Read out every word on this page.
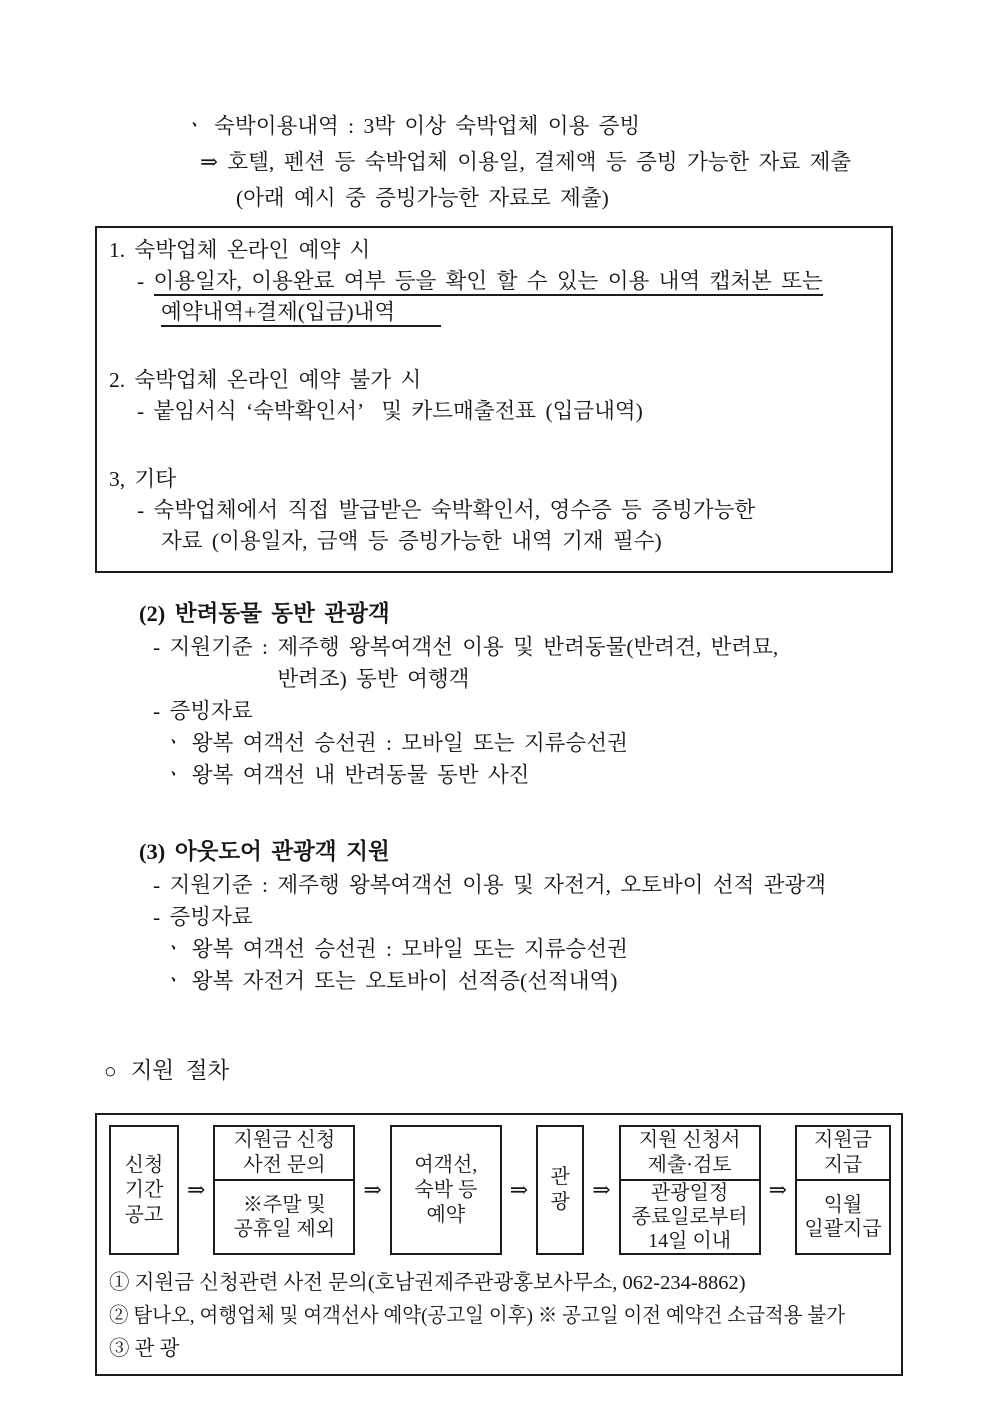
ㆍ 숙박이용내역 : 3박 이상 숙박업체 이용 증빙
⇒ 호텔, 펜션 등 숙박업체 이용일, 결제액 등 증빙 가능한 자료 제출
(아래 예시 중 증빙가능한 자료로 제출)
1. 숙박업체 온라인 예약 시
- 이용일자, 이용완료 여부 등을 확인 할 수 있는 이용 내역 캡처본 또는
예약내역+결제(입금)내역
2. 숙박업체 온라인 예약 불가 시
- 붙임서식 ‘숙박확인서’  및 카드매출전표 (입금내역)
3, 기타
- 숙박업체에서 직접 발급받은 숙박확인서, 영수증 등 증빙가능한
자료 (이용일자, 금액 등 증빙가능한 내역 기재 필수)
(2) 반려동물 동반 관광객
- 지원기준 : 제주행 왕복여객선 이용 및 반려동물(반려견, 반려묘,
반려조) 동반 여행객
- 증빙자료
ㆍ 왕복 여객선 승선권 : 모바일 또는 지류승선권
ㆍ 왕복 여객선 내 반려동물 동반 사진
(3) 아웃도어 관광객 지원
- 지원기준 : 제주행 왕복여객선 이용 및 자전거, 오토바이 선적 관광객
- 증빙자료
ㆍ 왕복 여객선 승선권 : 모바일 또는 지류승선권
ㆍ 왕복 자전거 또는 오토바이 선적증(선적내역)
○ 지원 절차
신청
기간
공고
⇒
지원금 신청
사전 문의
※주말 및
공휴일 제외
⇒
여객선,
숙박 등
예약
⇒	관
광	⇒
지원 신청서
제출·검토
관광일정
종료일로부터
14일 이내
⇒
지원금
지급
익월
일괄지급
① 지원금 신청관련 사전 문의(호남권제주관광홍보사무소, 062-234-8862)
② 탐나오, 여행업체 및 여객선사 예약(공고일 이후) ※ 공고일 이전 예약건 소급적용 불가
③ 관 광
